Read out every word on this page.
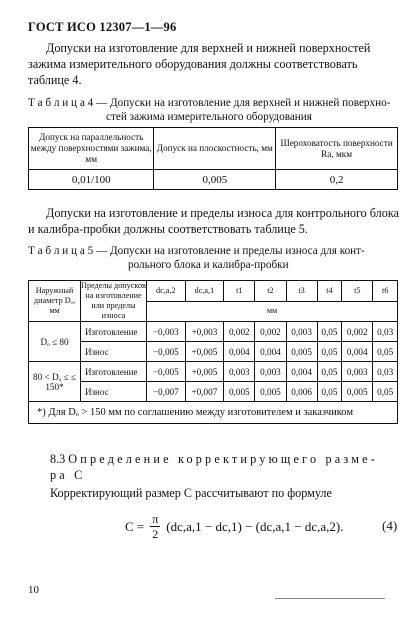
ГОСТ ИСО 12307—1—96

Допуски на изготовление для верхней и нижней поверхностей зажима измерительного оборудования должны соответствовать таблице 4.

Т а б л и ц а 4 — Допуски на изготовление для верхней и нижней поверхно-
стей зажима измерительного оборудования
Допуск на параллельность между поверхностями зажима, мм	Допуск на плоскостность, мм	Шероховатость поверхности Ra, мкм
0,01/100	0,005	0,2

Допуски на изготовление и пределы износа для контрольного блока и калибра-пробки должны соответствовать таблице 5.

Т а б л и ц а 5 — Допуски на изготовление и пределы износа для конт-
рольного блока и калибра-пробки
Наружный диаметр Dₒ, мм	Пределы допусков на изготовление или пределы износа	dc,a,2	dc,a,1	t1	t2	t3	t4	t5	t6
		мм							
Dₒ ≤ 80	Изготовление	−0,003	+0,003	0,002	0,002	0,003	0,05	0,002	0,03
	Износ	−0,005	+0,005	0,004	0,004	0,005	0,05	0,004	0,05
80 < Dₒ ≤ ≤ 150*	Изготовление	−0,005	+0,005	0,003	0,003	0,004	0,05	0,003	0,03
	Износ	−0,007	+0,007	0,005	0,005	0,006	0,05	0,005	0,05
*) Для Dₒ > 150 мм по соглашению между изготовителем и заказчиком									
8.3 Определение корректирующего разме-
ра C

Корректирующий размер C рассчитывают по формуле

$C = \frac{\pi}{2} (dc,a,1 - dc,1) - (dc,a,1 - dc,a,2)$.	(4)
10
